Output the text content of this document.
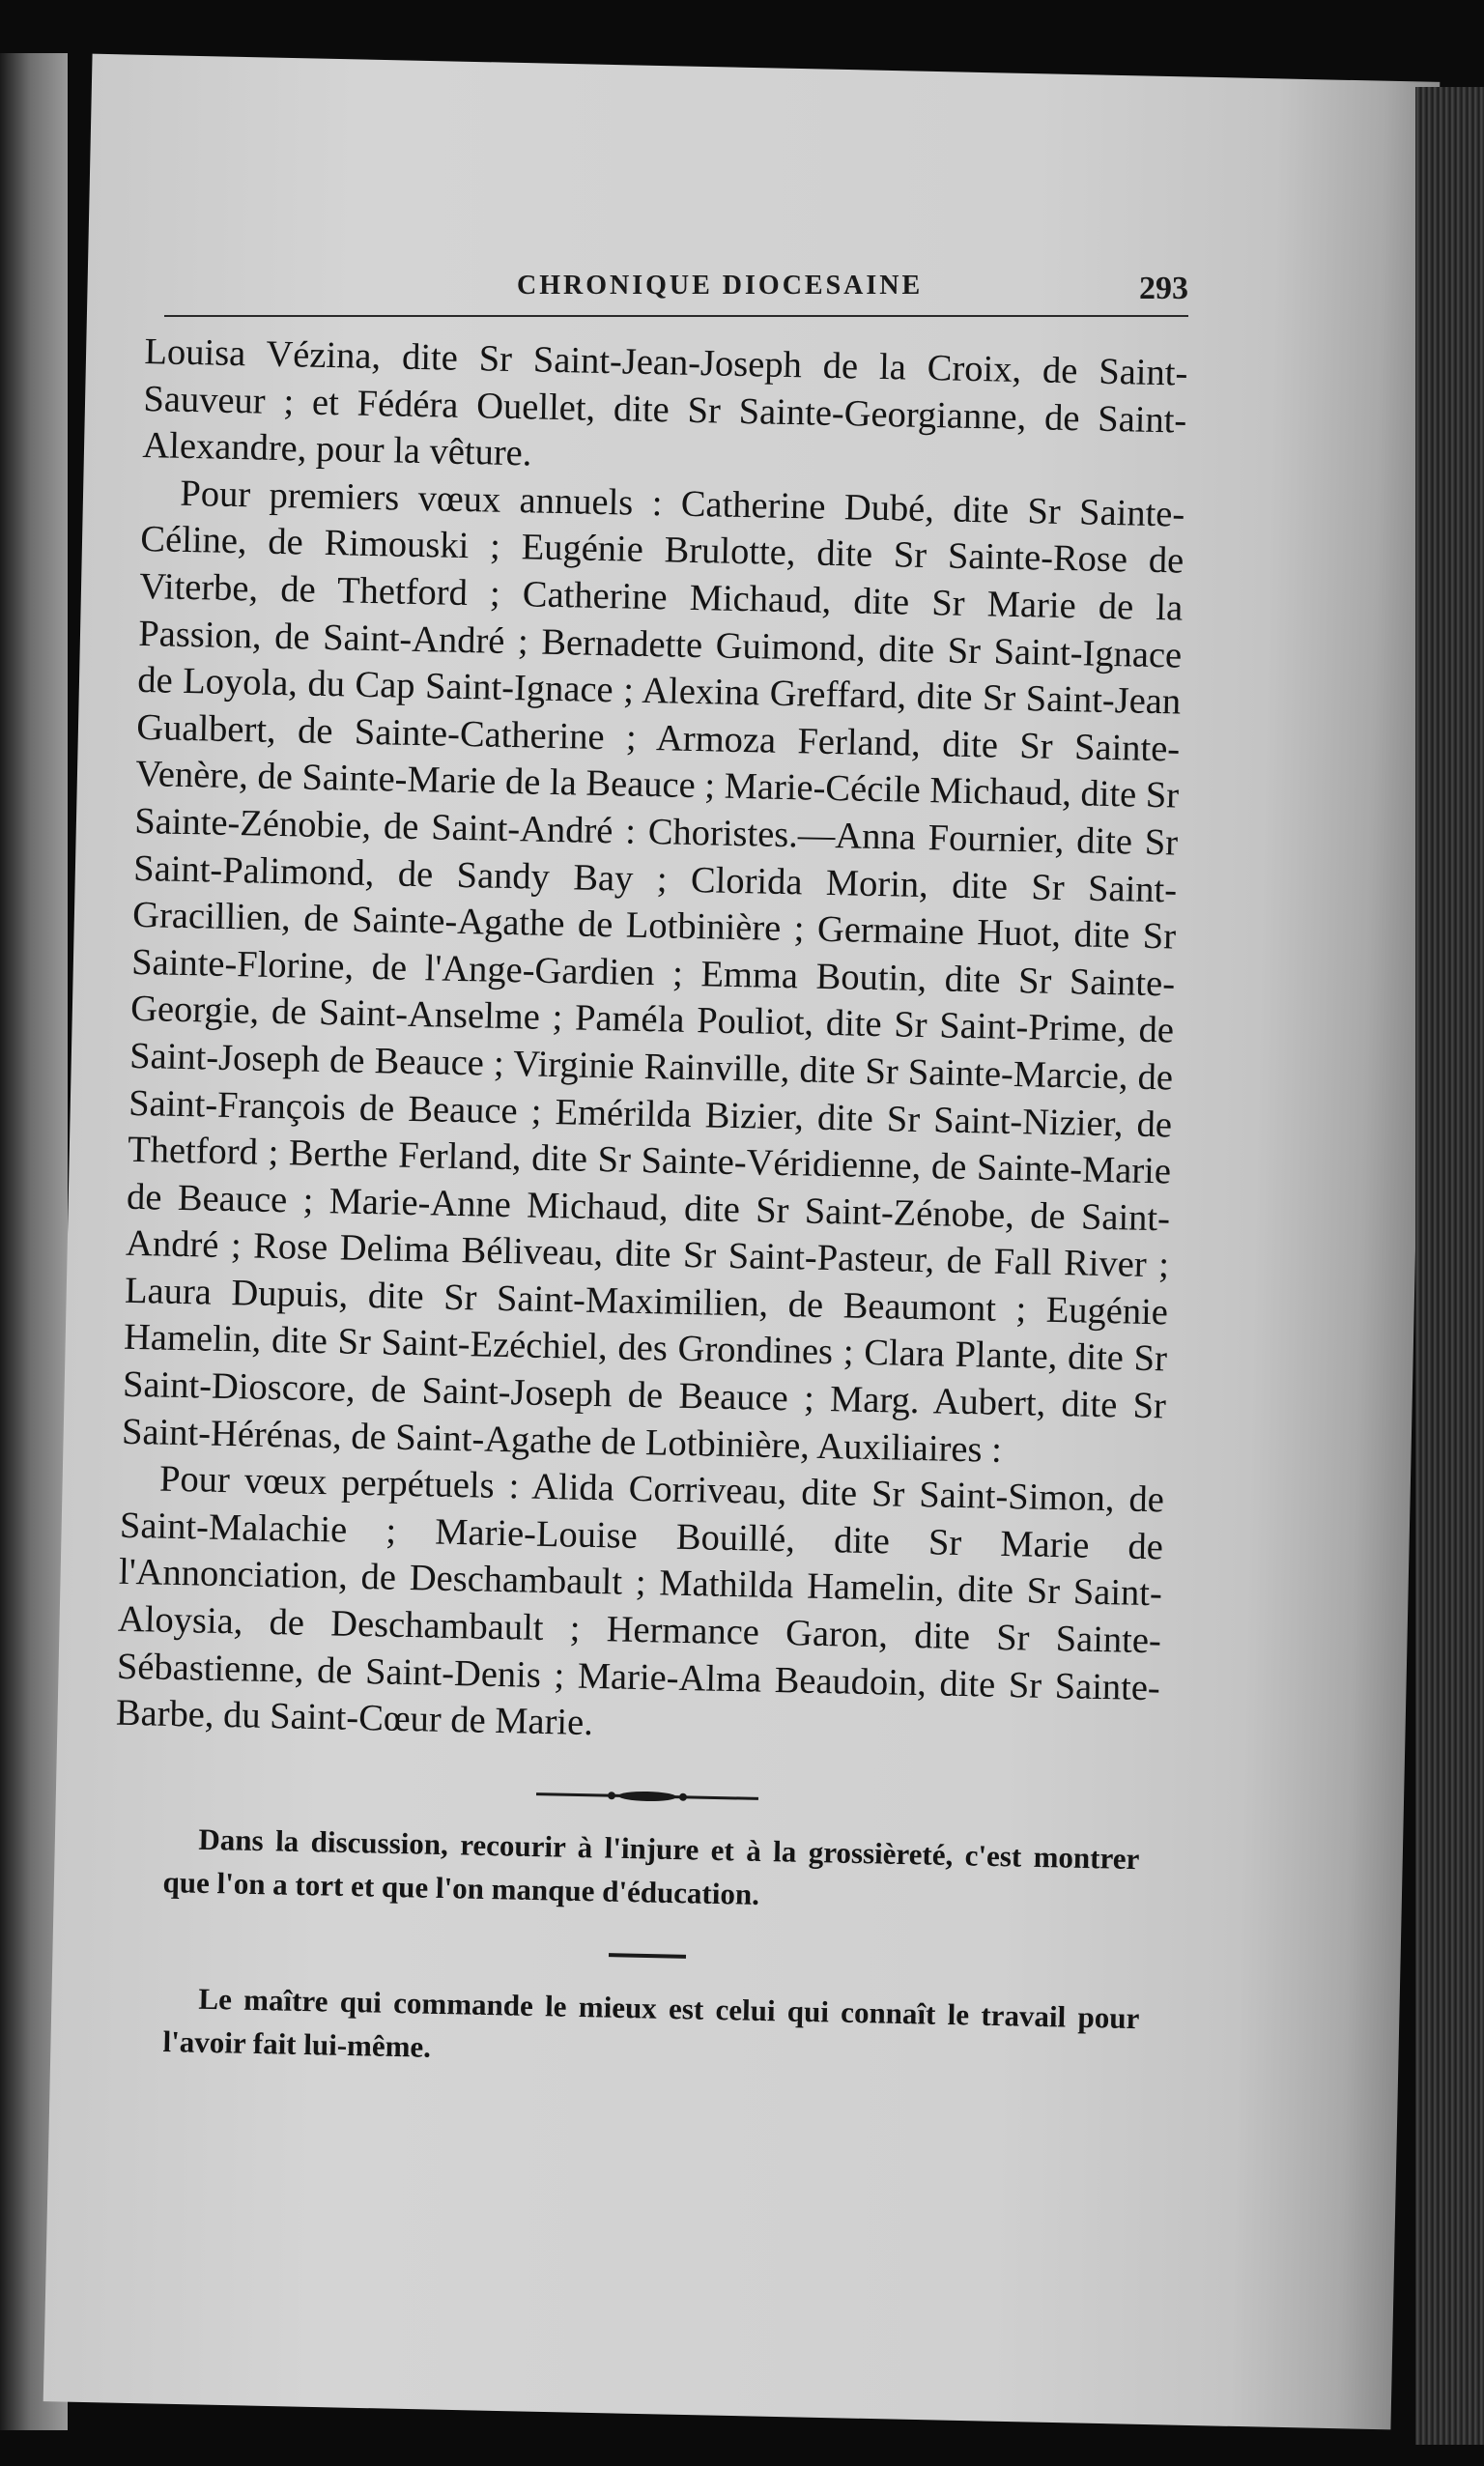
CHRONIQUE DIOCESAINE	293

Louisa Vézina, dite Sr Saint-Jean-Joseph de la Croix, de Saint-Sauveur ; et Fédéra Ouellet, dite Sr Sainte-Georgianne, de Saint-Alexandre, pour la vêture.

Pour premiers vœux annuels : Catherine Dubé, dite Sr Sainte-Céline, de Rimouski ; Eugénie Brulotte, dite Sr Sainte-Rose de Viterbe, de Thetford ; Catherine Michaud, dite Sr Marie de la Passion, de Saint-André ; Bernadette Guimond, dite Sr Saint-Ignace de Loyola, du Cap Saint-Ignace ; Alexina Greffard, dite Sr Saint-Jean Gualbert, de Sainte-Catherine ; Armoza Ferland, dite Sr Sainte-Venère, de Sainte-Marie de la Beauce ; Marie-Cécile Michaud, dite Sr Sainte-Zénobie, de Saint-André : Choristes.—Anna Fournier, dite Sr Saint-Palimond, de Sandy Bay ; Clorida Morin, dite Sr Saint-Gracillien, de Sainte-Agathe de Lotbinière ; Germaine Huot, dite Sr Sainte-Florine, de l'Ange-Gardien ; Emma Boutin, dite Sr Sainte-Georgie, de Saint-Anselme ; Paméla Pouliot, dite Sr Saint-Prime, de Saint-Joseph de Beauce ; Virginie Rainville, dite Sr Sainte-Marcie, de Saint-François de Beauce ; Emérilda Bizier, dite Sr Saint-Nizier, de Thetford ; Berthe Ferland, dite Sr Sainte-Véridienne, de Sainte-Marie de Beauce ; Marie-Anne Michaud, dite Sr Saint-Zénobe, de Saint-André ; Rose Delima Béliveau, dite Sr Saint-Pasteur, de Fall River ; Laura Dupuis, dite Sr Saint-Maximilien, de Beaumont ; Eugénie Hamelin, dite Sr Saint-Ezéchiel, des Grondines ; Clara Plante, dite Sr Saint-Dioscore, de Saint-Joseph de Beauce ; Marg. Aubert, dite Sr Saint-Hérénas, de Saint-Agathe de Lotbinière, Auxiliaires :

Pour vœux perpétuels : Alida Corriveau, dite Sr Saint-Simon, de Saint-Malachie ; Marie-Louise Bouillé, dite Sr Marie de l'Annonciation, de Deschambault ; Mathilda Hamelin, dite Sr Saint-Aloysia, de Deschambault ; Hermance Garon, dite Sr Sainte-Sébastienne, de Saint-Denis ; Marie-Alma Beaudoin, dite Sr Sainte-Barbe, du Saint-Cœur de Marie.

Dans la discussion, recourir à l'injure et à la grossièreté, c'est montrer que l'on a tort et que l'on manque d'éducation.

Le maître qui commande le mieux est celui qui connaît le travail pour l'avoir fait lui-même.
